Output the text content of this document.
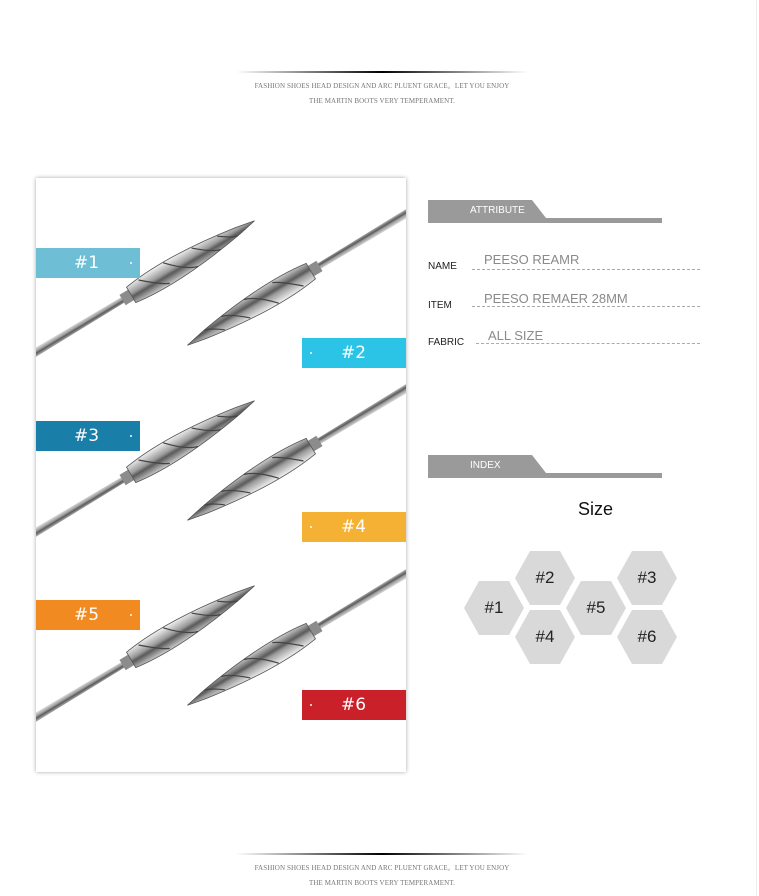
FASHION SHOES HEAD DESIGN AND ARC PLUENT GRACE。LET YOU ENJOY
THE MARTIN BOOTS VERY TEMPERAMENT.
#1
#2
#3
#4
#5
#6
ATTRIBUTE
NAME PEESO REAMR
ITEM PEESO REMAER 28MM
FABRIC ALL SIZE
INDEX
Size
#1
#2	#3
#4
#5
#6
FASHION SHOES HEAD DESIGN AND ARC PLUENT GRACE。LET YOU ENJOY
THE MARTIN BOOTS VERY TEMPERAMENT.
